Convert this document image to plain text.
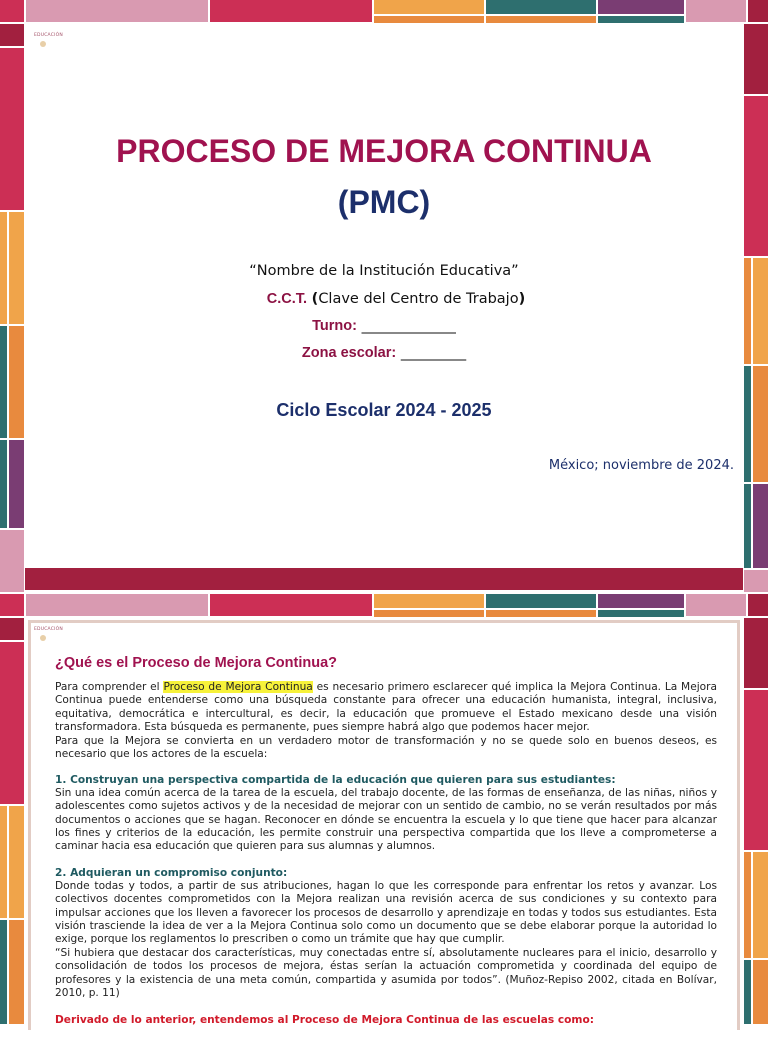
EDUCACIÓN
PROCESO DE MEJORA CONTINUA
(PMC)
“Nombre de la Institución Educativa”
C.C.T. (Clave del Centro de Trabajo)
Turno: _____________
Zona escolar: _________
Ciclo Escolar 2024 - 2025
México; noviembre de 2024.
EDUCACIÓN
¿Qué es el Proceso de Mejora Continua?
Para comprender el Proceso de Mejora Continua es necesario primero esclarecer qué implica la Mejora Continua. La Mejora Continua puede entenderse como una búsqueda constante para ofrecer una educación humanista, integral, inclusiva, equitativa, democrática e intercultural, es decir, la educación que promueve el Estado mexicano desde una visión transformadora. Esta búsqueda es permanente, pues siempre habrá algo que podemos hacer mejor.
Para que la Mejora se convierta en un verdadero motor de transformación y no se quede solo en buenos deseos, es necesario que los actores de la escuela:
1. Construyan una perspectiva compartida de la educación que quieren para sus estudiantes:
Sin una idea común acerca de la tarea de la escuela, del trabajo docente, de las formas de enseñanza, de las niñas, niños y adolescentes como sujetos activos y de la necesidad de mejorar con un sentido de cambio, no se verán resultados por más documentos o acciones que se hagan. Reconocer en dónde se encuentra la escuela y lo que tiene que hacer para alcanzar los fines y criterios de la educación, les permite construir una perspectiva compartida que los lleve a comprometerse a caminar hacia esa educación que quieren para sus alumnas y alumnos.
2. Adquieran un compromiso conjunto:
Donde todas y todos, a partir de sus atribuciones, hagan lo que les corresponde para enfrentar los retos y avanzar. Los colectivos docentes comprometidos con la Mejora realizan una revisión acerca de sus condiciones y su contexto para impulsar acciones que los lleven a favorecer los procesos de desarrollo y aprendizaje en todas y todos sus estudiantes. Esta visión trasciende la idea de ver a la Mejora Continua solo como un documento que se debe elaborar porque la autoridad lo exige, porque los reglamentos lo prescriben o como un trámite que hay que cumplir.
“Si hubiera que destacar dos características, muy conectadas entre sí, absolutamente nucleares para el inicio, desarrollo y consolidación de todos los procesos de mejora, éstas serían la actuación comprometida y coordinada del equipo de profesores y la existencia de una meta común, compartida y asumida por todos”. (Muñoz-Repiso 2002, citada en Bolívar, 2010, p. 11)
Derivado de lo anterior, entendemos al Proceso de Mejora Continua de las escuelas como:
